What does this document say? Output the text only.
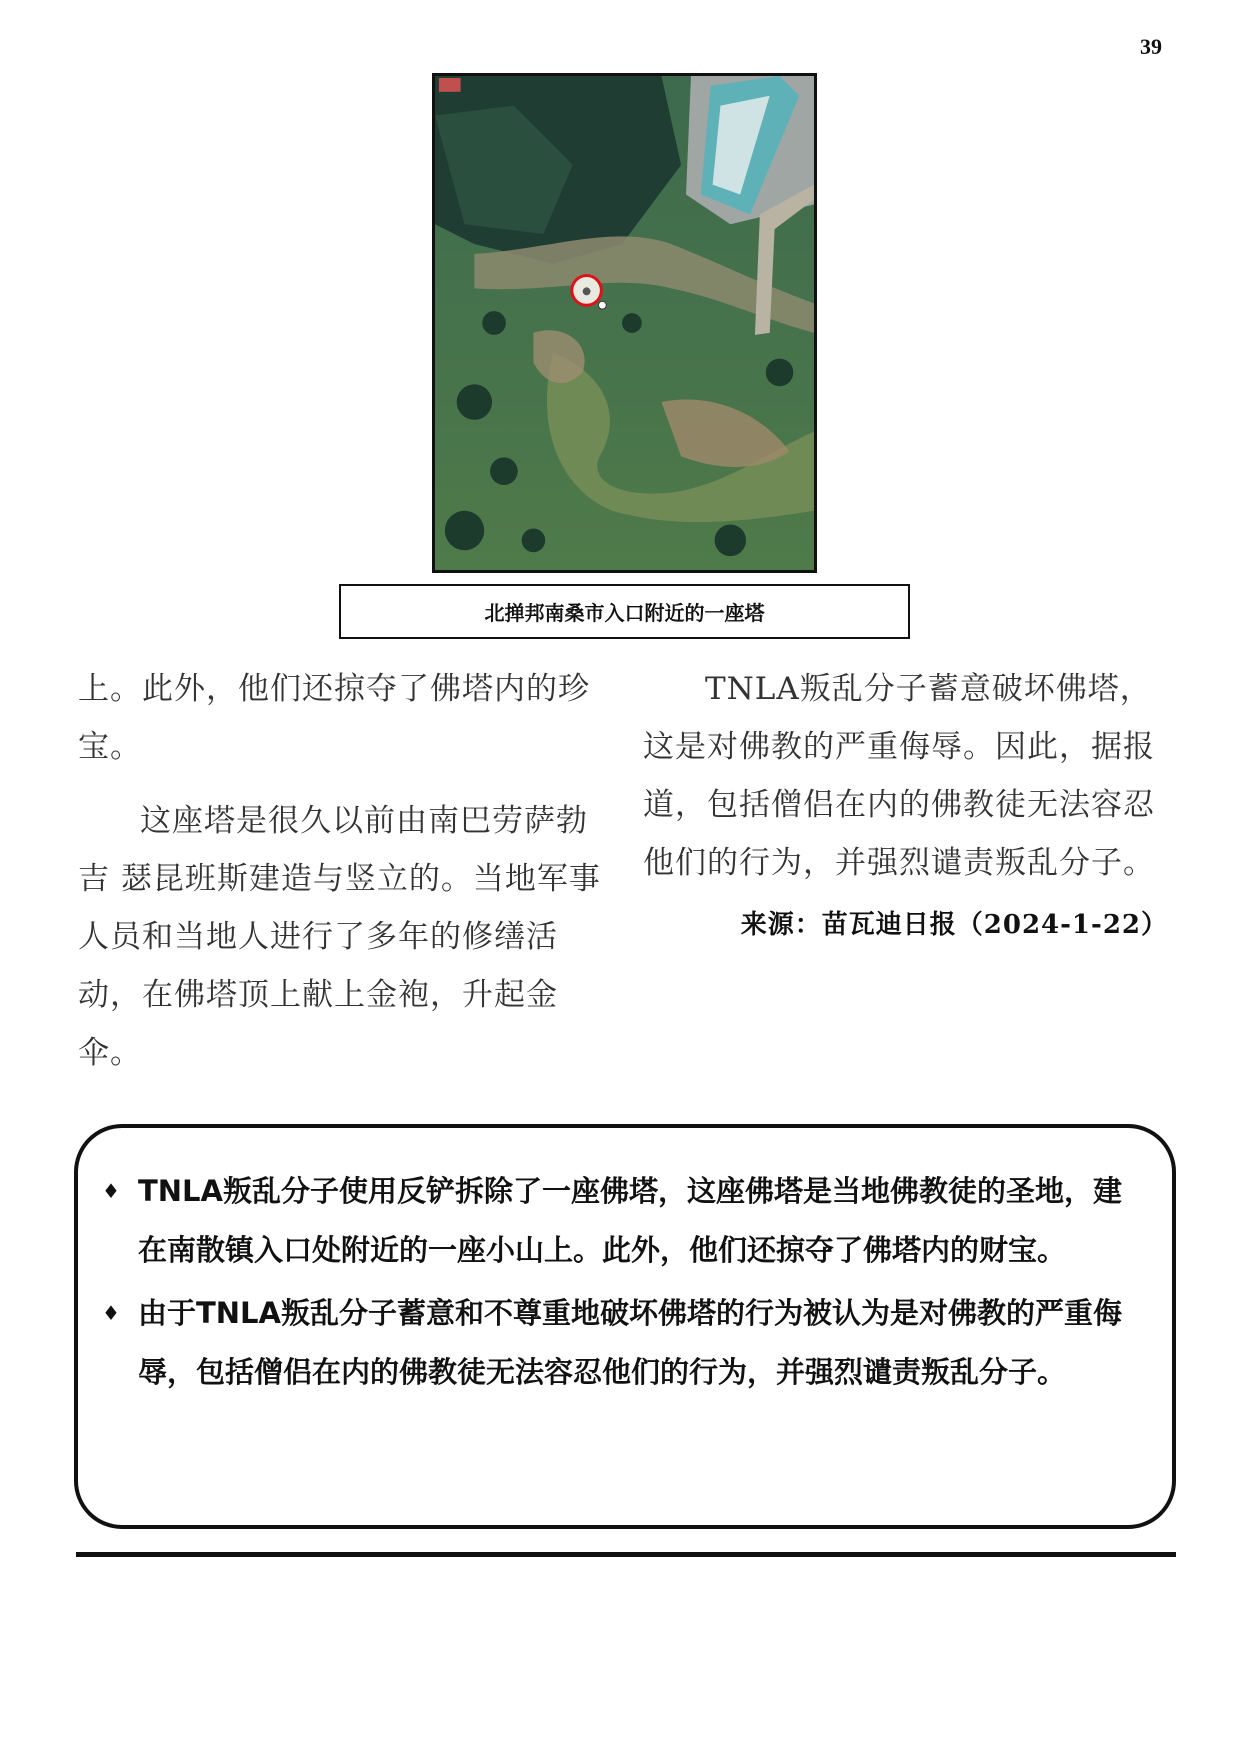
39
北掸邦南桑市入口附近的一座塔

上。此外，他们还掠夺了佛塔内的珍宝。

这座塔是很久以前由南巴劳萨勃吉 瑟昆班斯建造与竖立的。当地军事人员和当地人进行了多年的修缮活动，在佛塔顶上献上金袍，升起金伞。

TNLA叛乱分子蓄意破坏佛塔，这是对佛教的严重侮辱。因此，据报道，包括僧侣在内的佛教徒无法容忍他们的行为，并强烈谴责叛乱分子。

来源：苗瓦迪日报（2024-1-22）

♦ TNLA叛乱分子使用反铲拆除了一座佛塔，这座佛塔是当地佛教徒的圣地，建在南散镇入口处附近的一座小山上。此外，他们还掠夺了佛塔内的财宝。
♦ 由于TNLA叛乱分子蓄意和不尊重地破坏佛塔的行为被认为是对佛教的严重侮辱，包括僧侣在内的佛教徒无法容忍他们的行为，并强烈谴责叛乱分子。
